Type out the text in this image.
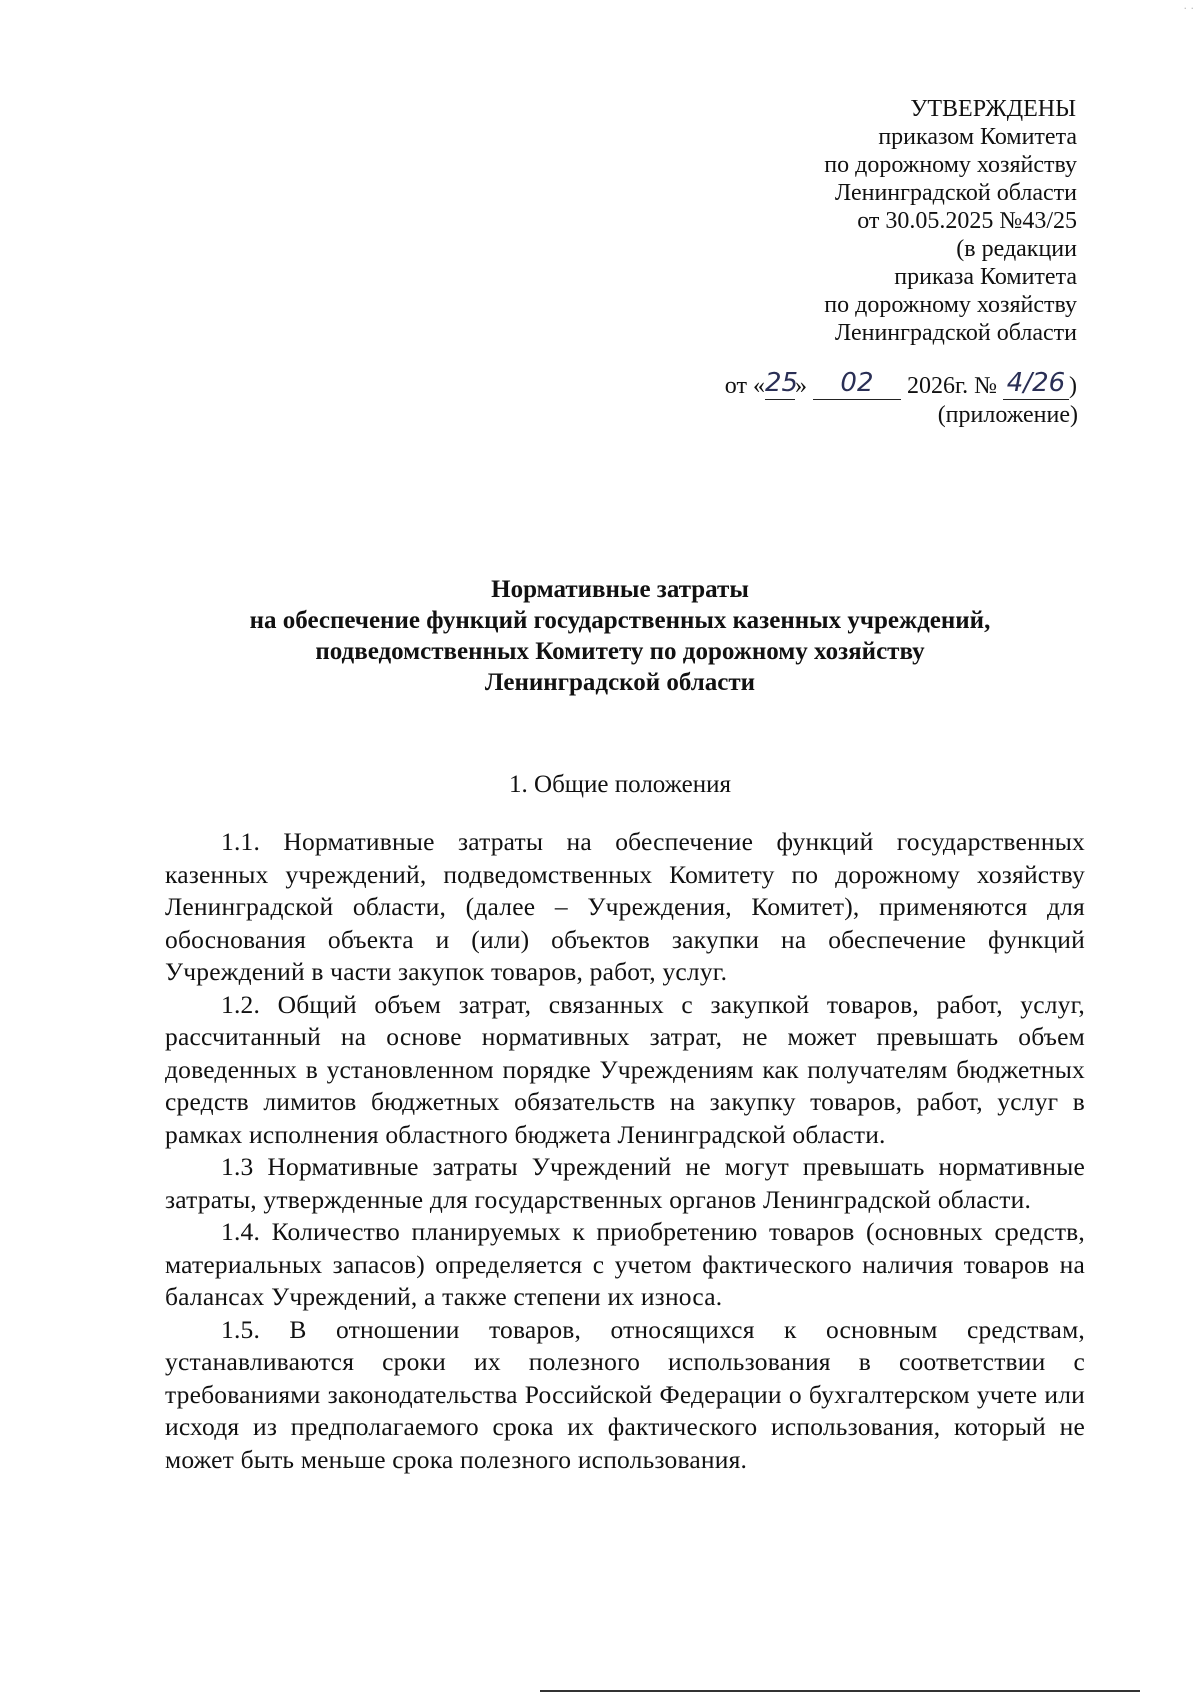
· ·
УТВЕРЖДЕНЫ
приказом Комитета
по дорожному хозяйству
Ленинградской области
от 30.05.2025 №43/25
(в редакции
приказа Комитета
по дорожному хозяйству
Ленинградской области
от «25» 02 2026г. № 4/26 )
(приложение)
Нормативные затраты
на обеспечение функций государственных казенных учреждений,
подведомственных Комитету по дорожному хозяйству
Ленинградской области
1. Общие положения

1.1. Нормативные затраты на обеспечение функций государственных казенных учреждений, подведомственных Комитету по дорожному хозяйству Ленинградской области, (далее – Учреждения, Комитет), применяются для обоснования объекта и (или) объектов закупки на обеспечение функций Учреждений в части закупок товаров, работ, услуг.

1.2. Общий объем затрат, связанных с закупкой товаров, работ, услуг, рассчитанный на основе нормативных затрат, не может превышать объем доведенных в установленном порядке Учреждениям как получателям бюджетных средств лимитов бюджетных обязательств на закупку товаров, работ, услуг в рамках исполнения областного бюджета Ленинградской области.

1.3 Нормативные затраты Учреждений не могут превышать нормативные затраты, утвержденные для государственных органов Ленинградской области.

1.4. Количество планируемых к приобретению товаров (основных средств, материальных запасов) определяется с учетом фактического наличия товаров на балансах Учреждений, а также степени их износа.

1.5. В отношении товаров, относящихся к основным средствам, устанавливаются сроки их полезного использования в соответствии с требованиями законодательства Российской Федерации о бухгалтерском учете или исходя из предполагаемого срока их фактического использования, который не может быть меньше срока полезного использования.
